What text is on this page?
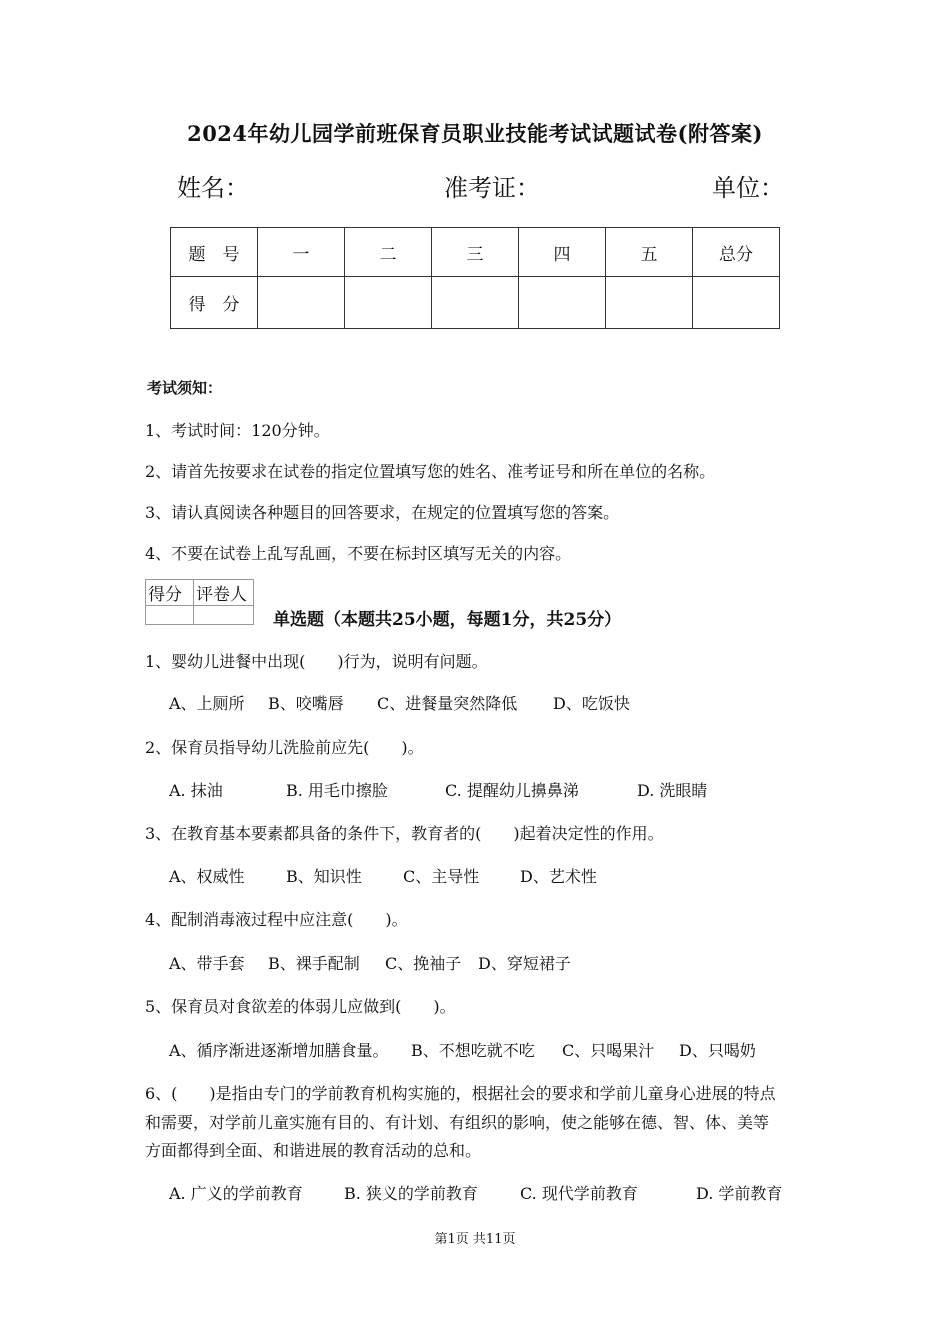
2024年幼儿园学前班保育员职业技能考试试题试卷(附答案)
姓名：	准考证：	单位：
题　号	一	二	三	四	五	总分
得　分						
考试须知：
1、考试时间：120分钟。
2、请首先按要求在试卷的指定位置填写您的姓名、准考证号和所在单位的名称。
3、请认真阅读各种题目的回答要求，在规定的位置填写您的答案。
4、不要在试卷上乱写乱画，不要在标封区填写无关的内容。
得分	评卷人

单选题（本题共25小题，每题1分，共25分）
1、婴幼儿进餐中出现(　　)行为，说明有问题。
A、上厕所 B、咬嘴唇 C、进餐量突然降低 D、吃饭快
2、保育员指导幼儿洗脸前应先(　　)。
A. 抹油	B. 用毛巾擦脸	C. 提醒幼儿擤鼻涕	D. 洗眼睛
3、在教育基本要素都具备的条件下，教育者的(　　)起着决定性的作用。
A、权威性	B、知识性	C、主导性	D、艺术性
4、配制消毒液过程中应注意(　　)。
A、带手套 B、裸手配制 C、挽袖子 D、穿短裙子
5、保育员对食欲差的体弱儿应做到(　　)。
A、循序渐进逐渐增加膳食量。 B、不想吃就不吃 C、只喝果汁 D、只喝奶
6、(　　)是指由专门的学前教育机构实施的，根据社会的要求和学前儿童身心进展的特点
和需要，对学前儿童实施有目的、有计划、有组织的影响，使之能够在德、智、体、美等
方面都得到全面、和谐进展的教育活动的总和。
A. 广义的学前教育	B. 狭义的学前教育	C. 现代学前教育	D. 学前教育
第1页 共11页
